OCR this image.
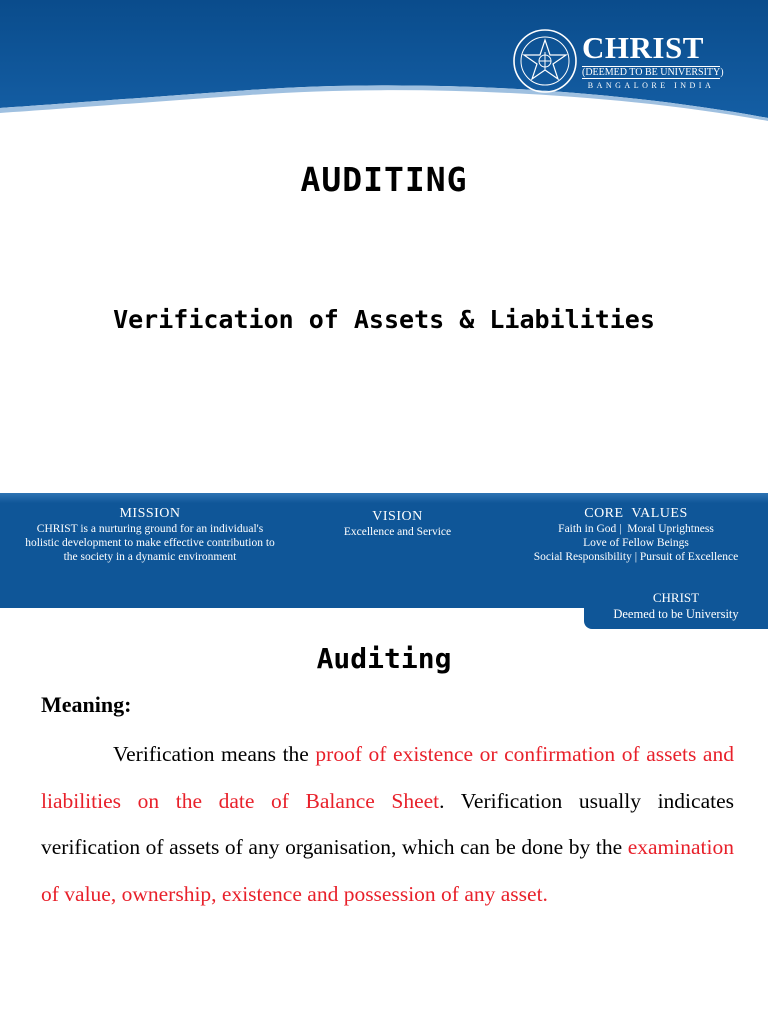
CHRIST
(DEEMED TO BE UNIVERSITY)
BANGALORE INDIA
AUDITING
Verification of Assets & Liabilities
MISSION
CHRIST is a nurturing ground for an individual's
holistic development to make effective contribution to
the society in a dynamic environment
VISION
Excellence and Service
CORE  VALUES
Faith in God |  Moral Uprightness
Love of Fellow Beings
Social Responsibility | Pursuit of Excellence
CHRIST
Deemed to be University
Auditing
Meaning:

Verification means the proof of existence or confirmation of assets and liabilities on the date of Balance Sheet. Verification usually indicates verification of assets of any organisation, which can be done by the examination of value, ownership, existence and possession of any asset.
